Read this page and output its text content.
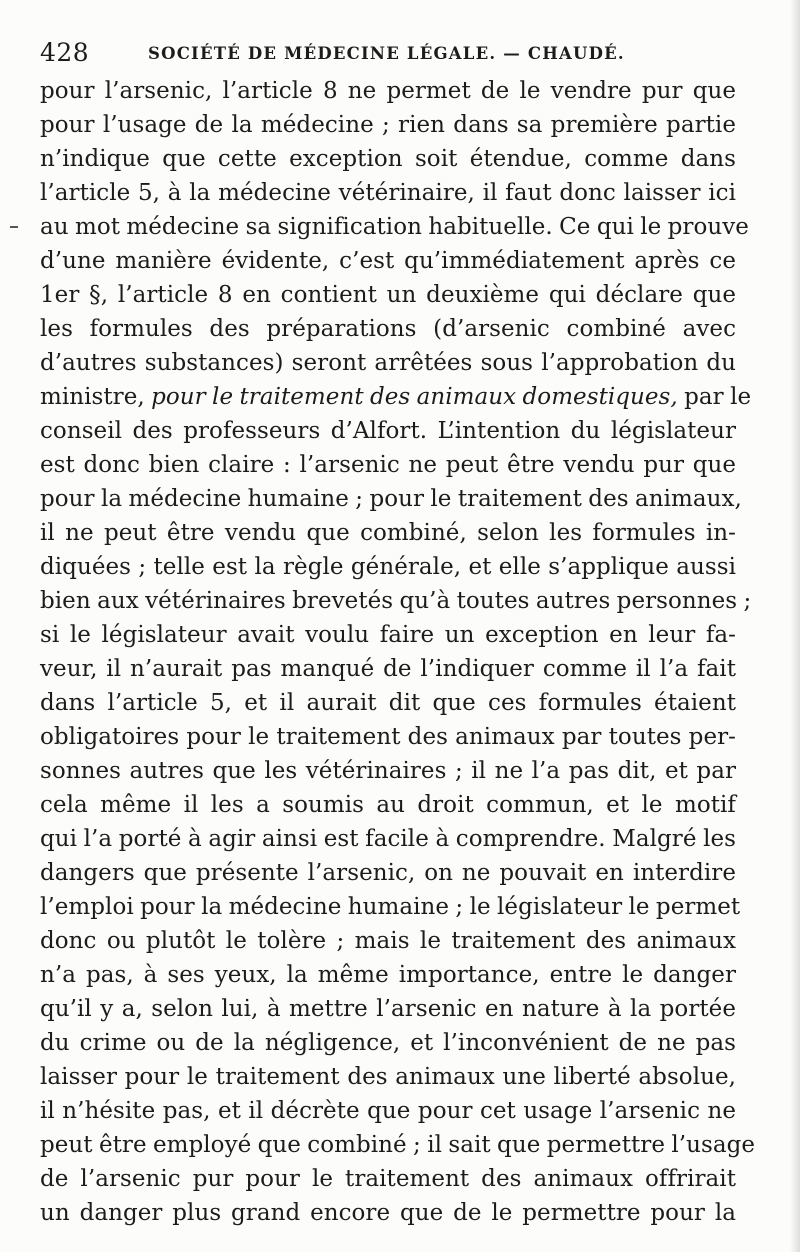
428	SOCIÉTÉ DE MÉDECINE LÉGALE. — CHAUDÉ.
pour l’arsenic, l’article 8 ne permet de le vendre pur que
pour l’usage de la médecine ; rien dans sa première partie
n’indique que cette exception soit étendue, comme dans
l’article 5, à la médecine vétérinaire, il faut donc laisser ici
au mot médecine sa signification habituelle. Ce qui le prouve
d’une manière évidente, c’est qu’immédiatement après ce
1er §, l’article 8 en contient un deuxième qui déclare que
les formules des préparations (d’arsenic combiné avec
d’autres substances) seront arrêtées sous l’approbation du
ministre, pour le traitement des animaux domestiques, par le
conseil des professeurs d’Alfort. L’intention du législateur
est donc bien claire : l’arsenic ne peut être vendu pur que
pour la médecine humaine ; pour le traitement des animaux,
il ne peut être vendu que combiné, selon les formules in-
diquées ; telle est la règle générale, et elle s’applique aussi
bien aux vétérinaires brevetés qu’à toutes autres personnes ;
si le législateur avait voulu faire un exception en leur fa-
veur, il n’aurait pas manqué de l’indiquer comme il l’a fait
dans l’article 5, et il aurait dit que ces formules étaient
obligatoires pour le traitement des animaux par toutes per-
sonnes autres que les vétérinaires ; il ne l’a pas dit, et par
cela même il les a soumis au droit commun, et le motif
qui l’a porté à agir ainsi est facile à comprendre. Malgré les
dangers que présente l’arsenic, on ne pouvait en interdire
l’emploi pour la médecine humaine ; le législateur le permet
donc ou plutôt le tolère ; mais le traitement des animaux
n’a pas, à ses yeux, la même importance, entre le danger
qu’il y a, selon lui, à mettre l’arsenic en nature à la portée
du crime ou de la négligence, et l’inconvénient de ne pas
laisser pour le traitement des animaux une liberté absolue,
il n’hésite pas, et il décrète que pour cet usage l’arsenic ne
peut être employé que combiné ; il sait que permettre l’usage
de l’arsenic pur pour le traitement des animaux offrirait
un danger plus grand encore que de le permettre pour la
